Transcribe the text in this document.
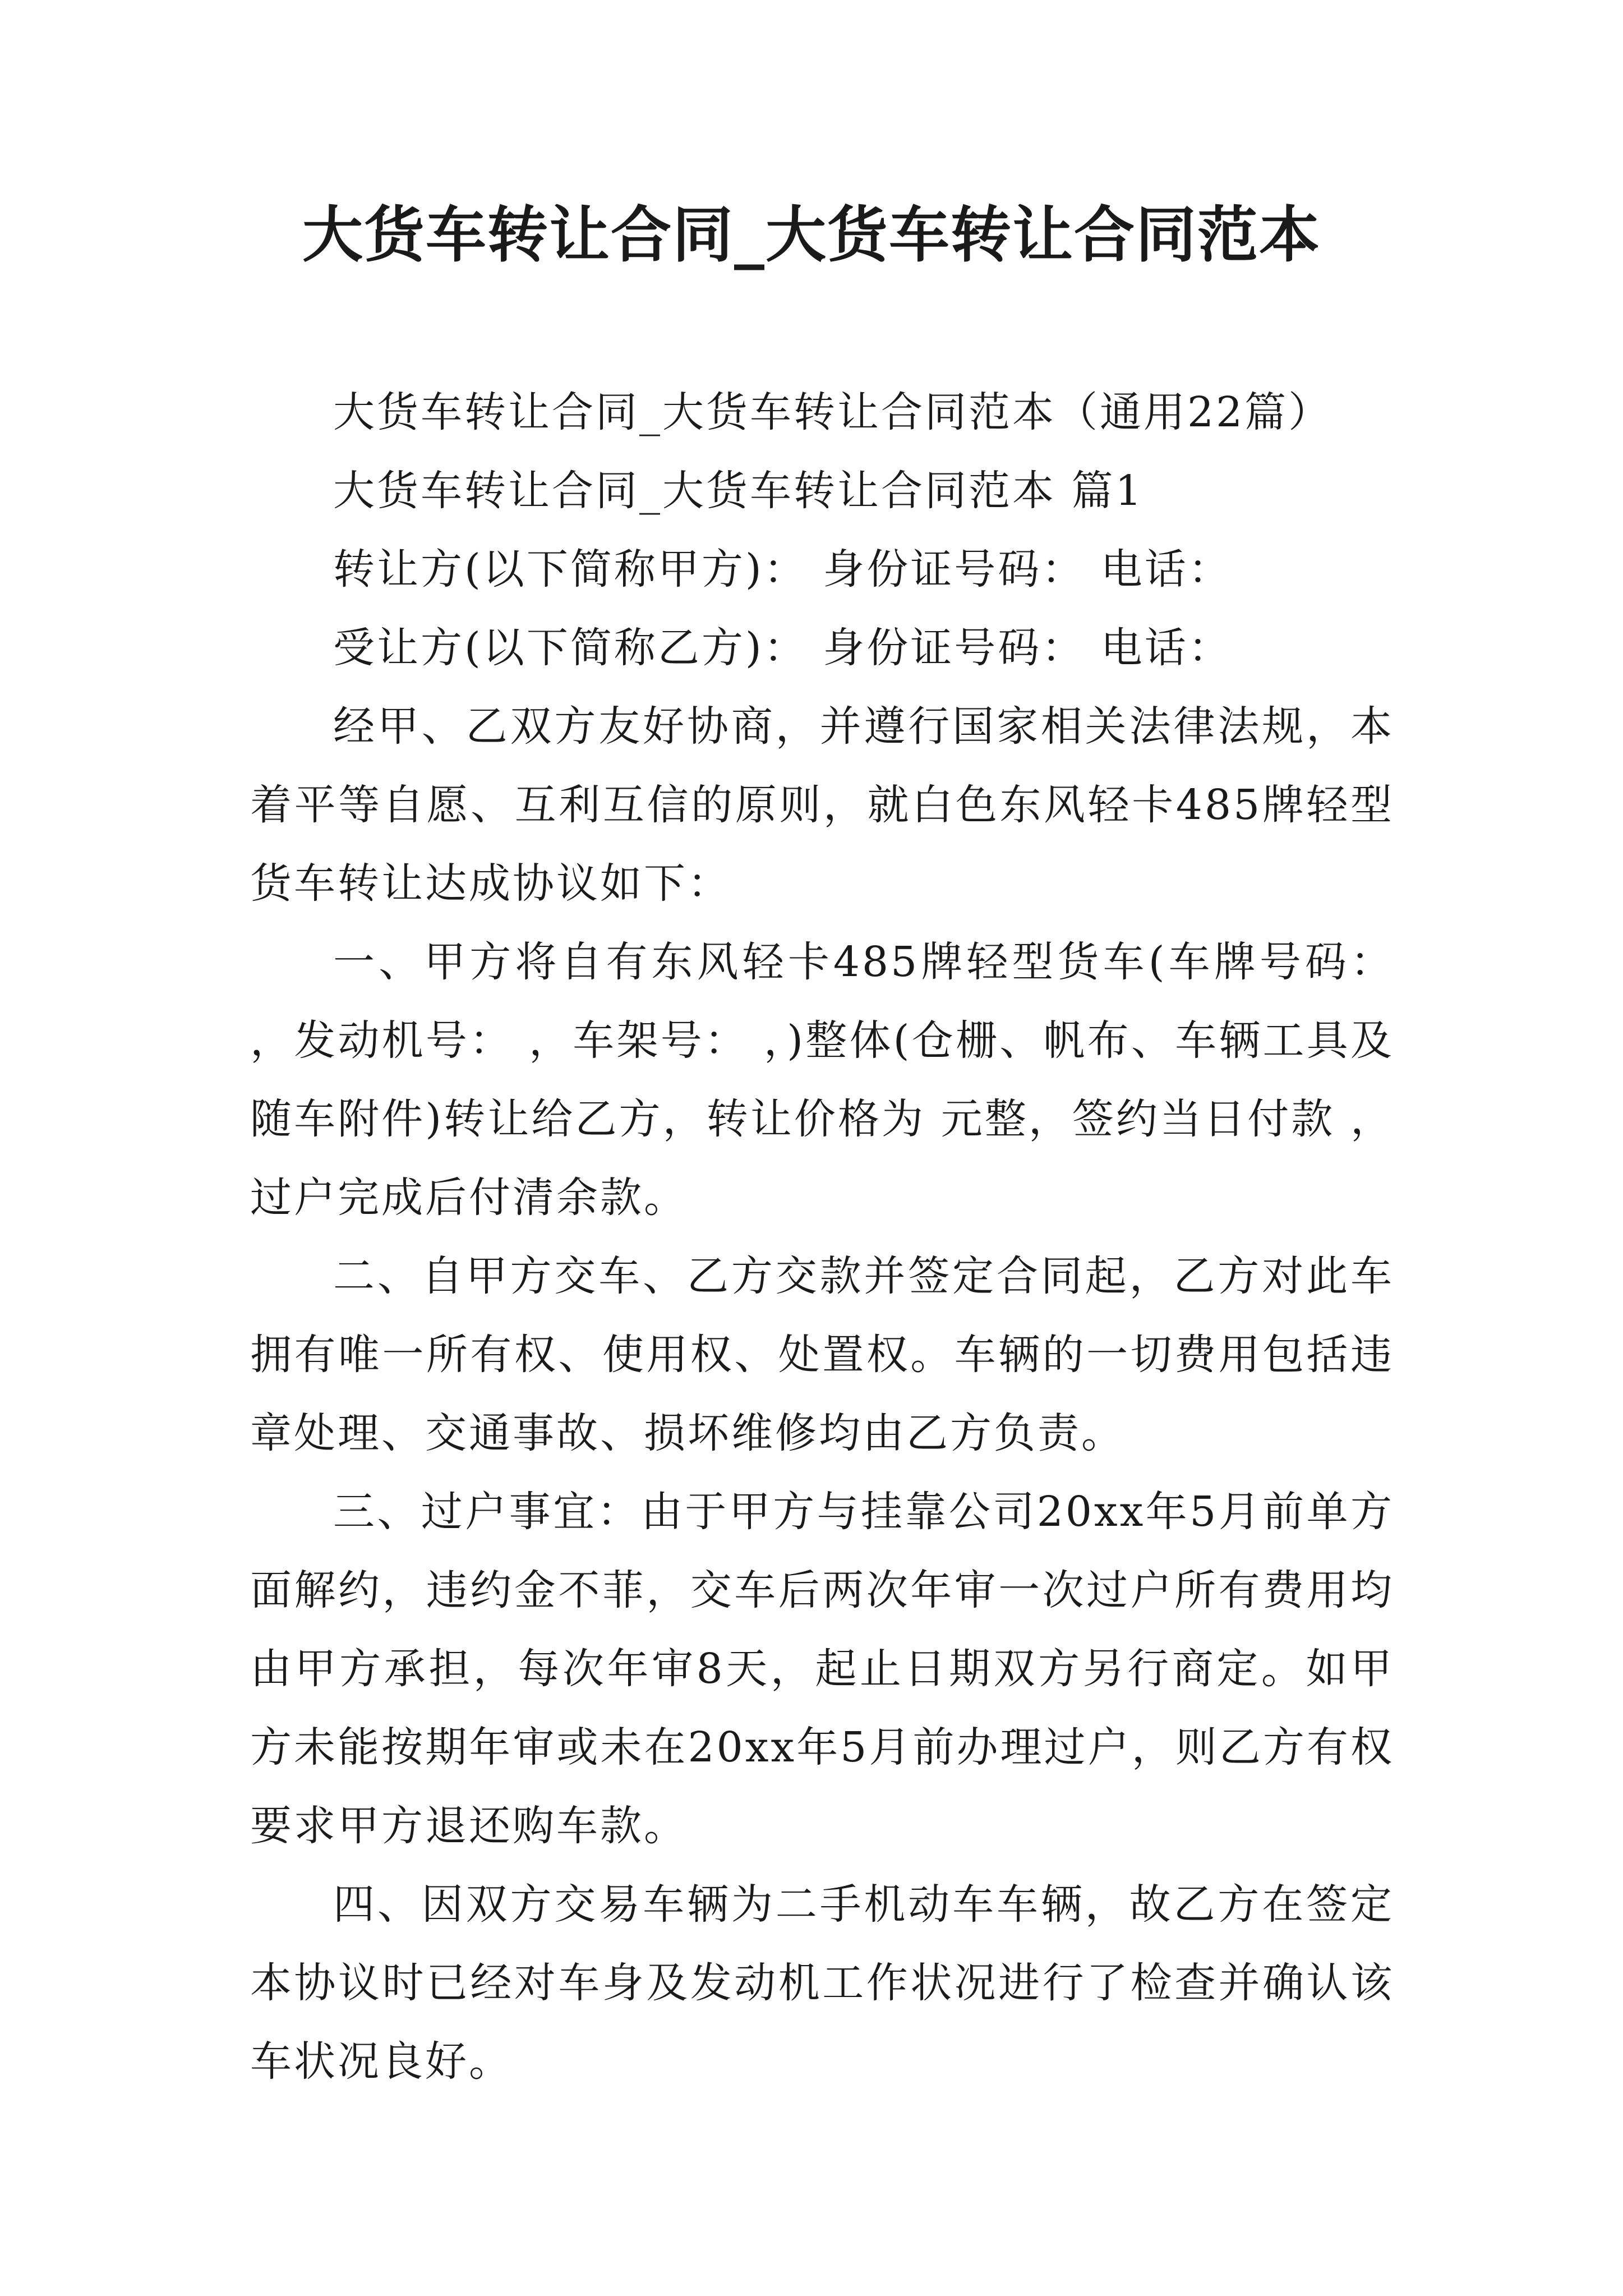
大货车转让合同_大货车转让合同范本

大货车转让合同_大货车转让合同范本（通用22篇）

大货车转让合同_大货车转让合同范本 篇1

转让方(以下简称甲方)： 身份证号码： 电话：

受让方(以下简称乙方)： 身份证号码： 电话：

经甲、乙双方友好协商，并遵行国家相关法律法规，本着平等自愿、互利互信的原则，就白色东风轻卡485牌轻型货车转让达成协议如下：

一、甲方将自有东风轻卡485牌轻型货车(车牌号码： ，发动机号： ，车架号： ，)整体(仓栅、帆布、车辆工具及随车附件)转让给乙方，转让价格为 元整，签约当日付款 ，过户完成后付清余款。

二、自甲方交车、乙方交款并签定合同起，乙方对此车拥有唯一所有权、使用权、处置权。车辆的一切费用包括违章处理、交通事故、损坏维修均由乙方负责。

三、过户事宜：由于甲方与挂靠公司20xx年5月前单方面解约，违约金不菲，交车后两次年审一次过户所有费用均由甲方承担，每次年审8天，起止日期双方另行商定。如甲方未能按期年审或未在20xx年5月前办理过户，则乙方有权要求甲方退还购车款。

四、因双方交易车辆为二手机动车车辆，故乙方在签定本协议时已经对车身及发动机工作状况进行了检查并确认该车状况良好。
